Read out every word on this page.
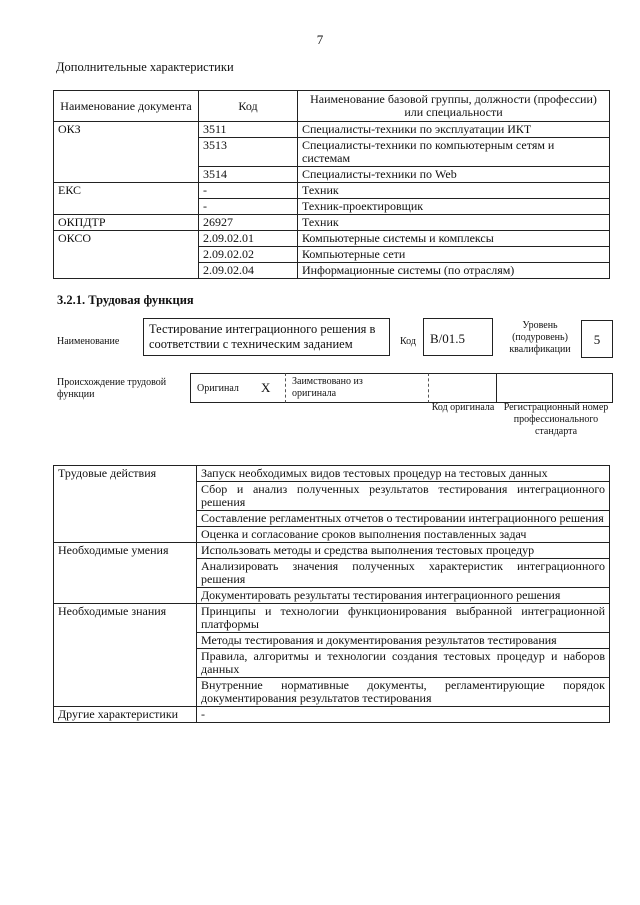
7
Дополнительные характеристики
Наименование документа	Код	Наименование базовой группы, должности (профессии) или специальности
ОКЗ	3511	Специалисты-техники по эксплуатации ИКТ
	3513	Специалисты-техники по компьютерным сетям и системам
	3514	Специалисты-техники по Web
ЕКС	-	Техник
	-	Техник-проектировщик
ОКПДТР	26927	Техник
ОКСО	2.09.02.01	Компьютерные системы и комплексы
	2.09.02.02	Компьютерные сети
	2.09.02.04	Информационные системы (по отраслям)
3.2.1. Трудовая функция
Наименование
Тестирование интеграционного решения в соответствии с техническим заданием	Код	B/01.5
Уровень (подуровень) квалификации
5
Происхождение трудовой функции
Оригинал X Заимствовано из оригинала
Код оригинала Регистрационный номер профессионального стандарта
Трудовые действия	Запуск необходимых видов тестовых процедур на тестовых данных
	Сбор и анализ полученных результатов тестирования интеграционного решения
	Составление регламентных отчетов о тестировании интеграционного решения
	Оценка и согласование сроков выполнения поставленных задач
Необходимые умения	Использовать методы и средства выполнения тестовых процедур
	Анализировать значения полученных характеристик интеграционного решения
	Документировать результаты тестирования интеграционного решения
Необходимые знания	Принципы и технологии функционирования выбранной интеграционной платформы
	Методы тестирования и документирования результатов тестирования
	Правила, алгоритмы и технологии создания тестовых процедур и наборов данных
	Внутренние нормативные документы, регламентирующие порядок документирования результатов тестирования
Другие характеристики	-
